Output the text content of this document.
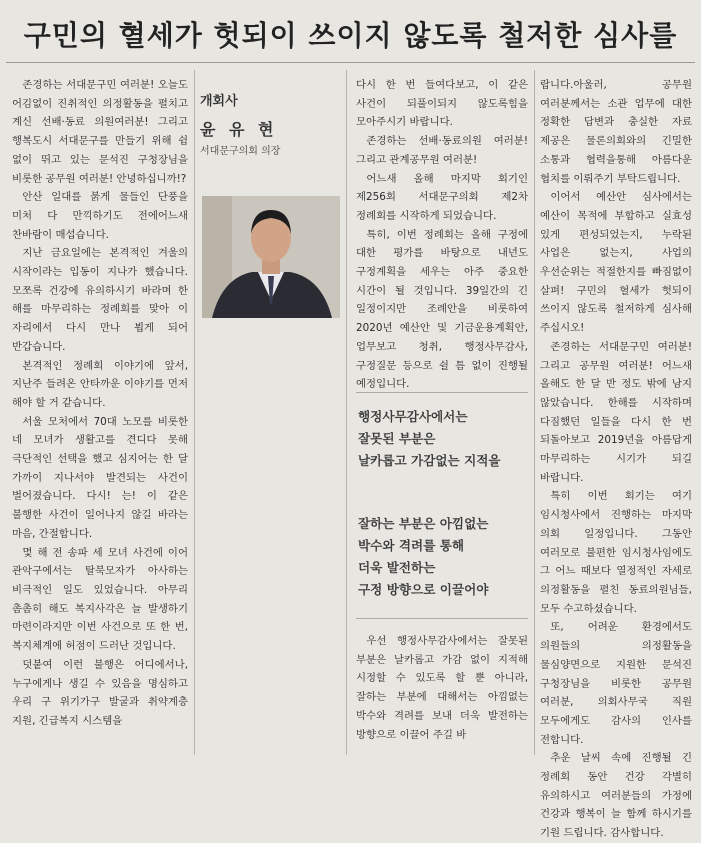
구민의 혈세가 헛되이 쓰이지 않도록 철저한 심사를

존경하는 서대문구민 여러분! 오늘도 어김없이 진취적인 의정활동을 펼치고 계신 선배·동료 의원여러분! 그리고 행복도시 서대문구를 만들기 위해 쉼 없이 뛰고 있는 문석진 구청장님을 비롯한 공무원 여러분! 안녕하십니까!?

안산 일대를 붉게 물들인 단풍을 미처 다 만끽하기도 전에어느새 찬바람이 매섭습니다.

지난 금요일에는 본격적인 겨울의 시작이라는 입동이 지나가 했습니다. 모쪼록 건강에 유의하시기 바라며 한 해를 마무리하는 정례회를 맞아 이 자리에서 다시 만나 뵙게 되어 반갑습니다.

본격적인 정례회 이야기에 앞서, 지난주 들려온 안타까운 이야기를 먼저 해야 할 거 같습니다.

서울 모처에서 70대 노모를 비롯한 네 모녀가 생활고를 견디다 못해 극단적인 선택을 했고 심지어는 한 달 가까이 지나서야 발견되는 사건이 벌어졌습니다. 다시! 는! 이 같은 불행한 사건이 일어나지 않길 바라는 마음, 간절합니다.

몇 해 전 송파 세 모녀 사건에 이어 관악구에서는 탈북모자가 아사하는 비극적인 일도 있었습니다. 아무리 촘촘히 해도 복지사각은 늘 발생하기 마련이라지만 이번 사건으로 또 한 번, 복지체계에 허점이 드러난 것입니다.

덧붙여 이런 불행은 어디에서나, 누구에게나 생길 수 있음을 명심하고 우리 구 위기가구 발굴과 취약계층 지원, 긴급복지 시스템을

개회사
윤 유 현
서대문구의회 의장

다시 한 번 들여다보고, 이 같은 사건이 되풀이되지 않도록힘을 모아주시기 바랍니다.

존경하는 선배·동료의원 여러분! 그리고 관계공무원 여러분!

어느새 올해 마지막 회기인 제256회 서대문구의회 제2차 정례회를 시작하게 되었습니다.

특히, 이번 정례회는 올해 구정에 대한 평가를 바탕으로 내년도 구정계획을 세우는 아주 중요한 시간이 될 것입니다. 39일간의 긴 일정이지만 조례안을 비롯하여 2020년 예산안 및 기금운용계획안, 업무보고 청취, 행정사무감사, 구정질문 등으로 쉴 틈 없이 진행될 예정입니다.

행정사무감사에서는
잘못된 부분은
날카롭고 가감없는 지적을
잘하는 부분은 아낌없는
박수와 격려를 통해
더욱 발전하는
구정 방향으로 이끌어야

우선 행정사무감사에서는 잘못된 부분은 날카롭고 가감 없이 지적해 시정할 수 있도록 할 뿐 아니라, 잘하는 부분에 대해서는 아낌없는 박수와 격려를 보내 더욱 발전하는 방향으로 이끌어 주길 바

랍니다.아울러, 공무원 여러분께서는 소관 업무에 대한 정확한 답변과 충실한 자료 제공은 물론의회와의 긴밀한 소통과 협력을통해 아름다운 협치를 이뤄주기 부탁드립니다.

이어서 예산안 심사에서는 예산이 목적에 부합하고 실효성 있게 편성되었는지, 누락된 사업은 없는지, 사업의 우선순위는 적절한지를 빠짐없이 살펴! 구민의 혈세가 헛되이 쓰이지 않도록 철저하게 심사해 주십시오!

존경하는 서대문구민 여러분! 그리고 공무원 여러분! 어느새 올해도 한 달 반 정도 밖에 남지 않았습니다. 한해를 시작하며 다짐했던 일들을 다시 한 번 되돌아보고 2019년을 아름답게 마무리하는 시기가 되길 바랍니다.

특히 이번 회기는 여기 임시청사에서 진행하는 마지막 의회 일정입니다. 그동안 여러모로 불편한 임시청사임에도 그 어느 때보다 열정적인 자세로 의정활동을 펼친 동료의원님들, 모두 수고하셨습니다.

또, 어려운 환경에서도 의원들의 의정활동을 물심양면으로 지원한 문석진 구청장님을 비롯한 공무원 여러분, 의회사무국 직원 모두에게도 감사의 인사를 전합니다.

추운 날씨 속에 진행될 긴 정례회 동안 건강 각별히 유의하시고 여러분들의 가정에 건강과 행복이 늘 함께 하시기를 기원 드립니다. 감사합니다.
